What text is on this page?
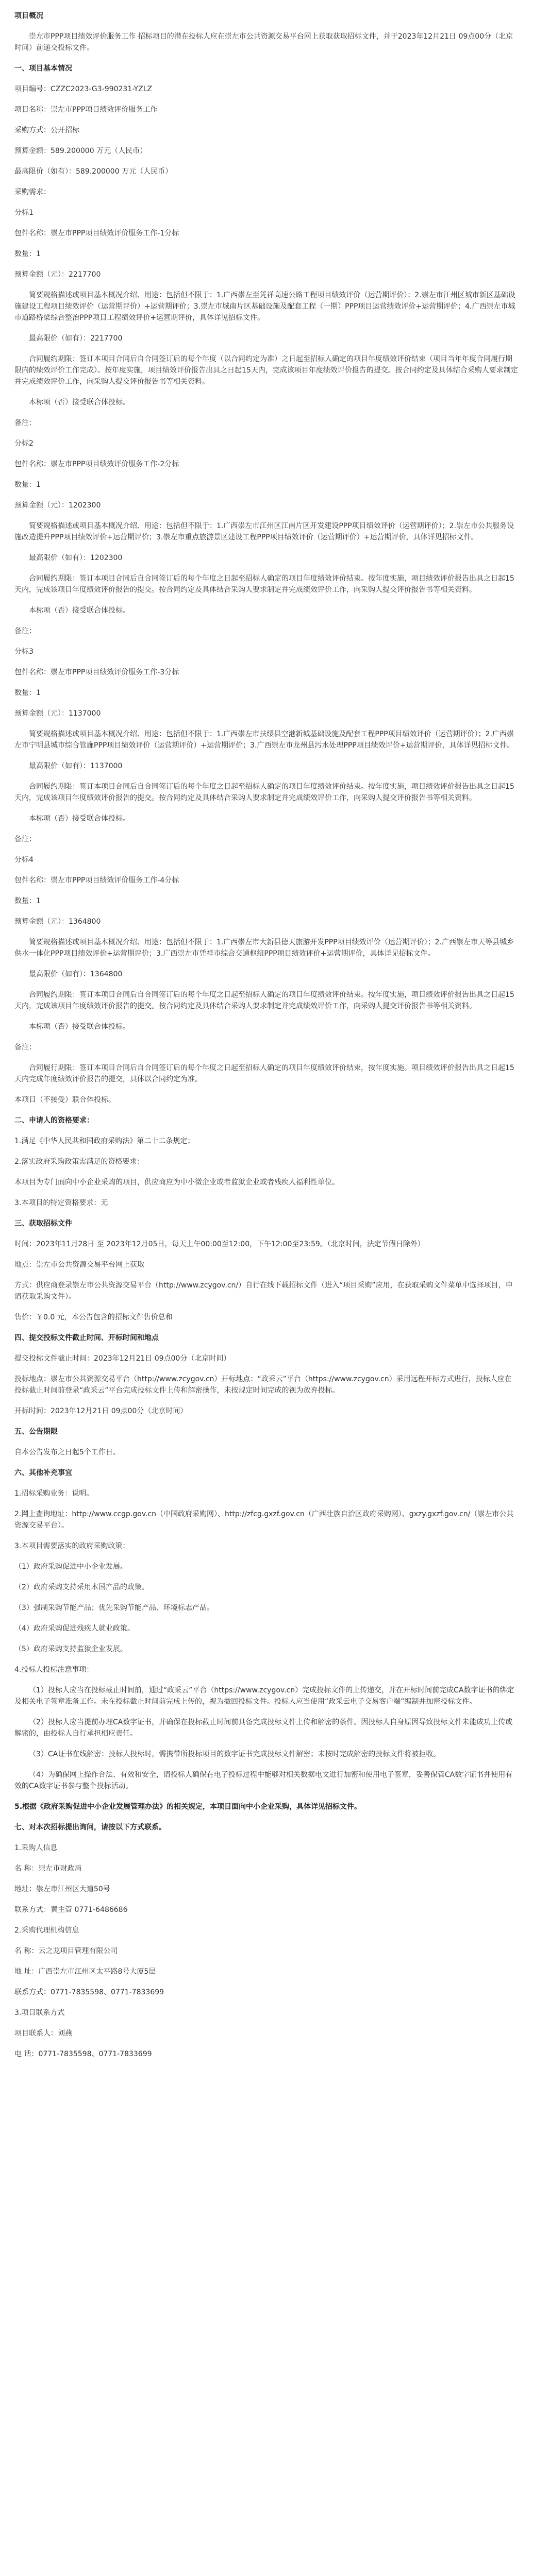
项目概况

崇左市PPP项目绩效评价服务工作 招标项目的潜在投标人应在崇左市公共资源交易平台网上获取获取招标文件，并于2023年12月21日 09点00分（北京时间）前递交投标文件。

一、项目基本情况

项目编号：CZZC2023-G3-990231-YZLZ

项目名称：崇左市PPP项目绩效评价服务工作

采购方式：公开招标

预算金额：589.200000 万元（人民币）

最高限价（如有）：589.200000 万元（人民币）

采购需求：

分标1

包件名称：崇左市PPP项目绩效评价服务工作-1分标

数量：1

预算金额（元）：2217700

简要规格描述或项目基本概况介绍、用途：包括但不限于：1.广西崇左至凭祥高速公路工程项目绩效评价（运营期评价）；2.崇左市江州区城市新区基础设施建设工程项目绩效评价（运营期评价）+运营期评价；3.崇左市城南片区基础设施及配套工程（一期）PPP项目运营绩效评价+运营期评价；4.广西崇左市城市道路桥梁综合整治PPP项目工程绩效评价+运营期评价，具体详见招标文件。

最高限价（如有）：2217700

合同履约期限：签订本项目合同后自合同签订后的每个年度（以合同约定为准）之日起至招标人确定的项目年度绩效评价结束（项目当年年度合同履行期限内的绩效评价工作完成）。按年度实施，项目绩效评价报告出具之日起15天内，完成该项目年度绩效评价报告的提交。按合同约定及具体结合采购人要求制定并完成绩效评价工作，向采购人提交评价报告书等相关资料。

本标项（否）接受联合体投标。

备注：

分标2

包件名称：崇左市PPP项目绩效评价服务工作-2分标

数量：1

预算金额（元）：1202300

简要规格描述或项目基本概况介绍、用途：包括但不限于：1.广西崇左市江州区江南片区开发建设PPP项目绩效评价（运营期评价）；2.崇左市公共服务设施改造提升PPP项目绩效评价+运营期评价；3.崇左市重点旅游景区建设工程PPP项目绩效评价（运营期评价）+运营期评价，具体详见招标文件。

最高限价（如有）：1202300

合同履约期限：签订本项目合同后自合同签订后的每个年度之日起至招标人确定的项目年度绩效评价结束。按年度实施，项目绩效评价报告出具之日起15天内，完成该项目年度绩效评价报告的提交。按合同约定及具体结合采购人要求制定并完成绩效评价工作，向采购人提交评价报告书等相关资料。

本标项（否）接受联合体投标。

备注：

分标3

包件名称：崇左市PPP项目绩效评价服务工作-3分标

数量：1

预算金额（元）：1137000

简要规格描述或项目基本概况介绍、用途：包括但不限于：1.广西崇左市扶绥县空港新城基础设施及配套工程PPP项目绩效评价（运营期评价）；2.广西崇左市宁明县城市综合管廊PPP项目绩效评价（运营期评价）+运营期评价；3.广西崇左市龙州县污水处理PPP项目绩效评价+运营期评价，具体详见招标文件。

最高限价（如有）：1137000

合同履约期限：签订本项目合同后自合同签订后的每个年度之日起至招标人确定的项目年度绩效评价结束。按年度实施，项目绩效评价报告出具之日起15天内，完成该项目年度绩效评价报告的提交。按合同约定及具体结合采购人要求制定并完成绩效评价工作，向采购人提交评价报告书等相关资料。

本标项（否）接受联合体投标。

备注：

分标4

包件名称：崇左市PPP项目绩效评价服务工作-4分标

数量：1

预算金额（元）：1364800

简要规格描述或项目基本概况介绍、用途：包括但不限于：1.广西崇左市大新县德天旅游开发PPP项目绩效评价（运营期评价）；2.广西崇左市天等县城乡供水一体化PPP项目绩效评价+运营期评价；3.广西崇左市凭祥市综合交通枢纽PPP项目绩效评价+运营期评价，具体详见招标文件。

最高限价（如有）：1364800

合同履约期限：签订本项目合同后自合同签订后的每个年度之日起至招标人确定的项目年度绩效评价结束。按年度实施，项目绩效评价报告出具之日起15天内，完成该项目年度绩效评价报告的提交。按合同约定及具体结合采购人要求制定并完成绩效评价工作，向采购人提交评价报告书等相关资料。

本标项（否）接受联合体投标。

备注：

合同履行期限：签订本项目合同后自合同签订后的每个年度之日起至招标人确定的项目年度绩效评价结束，按年度实施。项目绩效评价报告出具之日起15天内完成年度绩效评价报告的提交，具体以合同约定为准。

本项目（不接受）联合体投标。

二、申请人的资格要求：

1.满足《中华人民共和国政府采购法》第二十二条规定；

2.落实政府采购政策需满足的资格要求：

本项目为专门面向中小企业采购的项目，供应商应为中小微企业或者监狱企业或者残疾人福利性单位。

3.本项目的特定资格要求：无

三、获取招标文件

时间：2023年11月28日 至 2023年12月05日，每天上午00:00至12:00，下午12:00至23:59。（北京时间，法定节假日除外）

地点：崇左市公共资源交易平台网上获取

方式：供应商登录崇左市公共资源交易平台（http://www.zcygov.cn/）自行在线下载招标文件（进入“项目采购”应用，在获取采购文件菜单中选择项目，申请获取采购文件）。

售价：￥0.0 元，本公告包含的招标文件售价总和

四、提交投标文件截止时间、开标时间和地点

提交投标文件截止时间：2023年12月21日 09点00分（北京时间）

投标地点：崇左市公共资源交易平台（http://www.zcygov.cn）开标地点：“政采云”平台（https://www.zcygov.cn）采用远程开标方式进行，投标人应在投标截止时间前登录“政采云”平台完成投标文件上传和解密操作，未按规定时间完成的视为放弃投标。

开标时间：2023年12月21日 09点00分（北京时间）

五、公告期限

自本公告发布之日起5个工作日。

六、其他补充事宜

1.招标采购业务：说明。

2.网上查询地址：http://www.ccgp.gov.cn（中国政府采购网）、http://zfcg.gxzf.gov.cn（广西壮族自治区政府采购网）、gxzy.gxzf.gov.cn/（崇左市公共资源交易平台）。

3.本项目需要落实的政府采购政策：

（1）政府采购促进中小企业发展。

（2）政府采购支持采用本国产品的政策。

（3）强制采购节能产品；优先采购节能产品、环境标志产品。

（4）政府采购促进残疾人就业政策。

（5）政府采购支持监狱企业发展。

4.投标人投标注意事项：

（1）投标人应当在投标截止时间前，通过“政采云”平台（https://www.zcygov.cn）完成投标文件的上传递交，并在开标时间前完成CA数字证书的绑定及相关电子签章准备工作。未在投标截止时间前完成上传的，视为撤回投标文件。投标人应当使用“政采云电子交易客户端”编制并加密投标文件。

（2）投标人应当提前办理CA数字证书，并确保在投标截止时间前具备完成投标文件上传和解密的条件。因投标人自身原因导致投标文件未能成功上传或解密的，由投标人自行承担相应责任。

（3）CA证书在线解密：投标人投标时，需携带所投标项目的数字证书完成投标文件解密；未按时完成解密的投标文件将被拒收。

（4）为确保网上操作合法、有效和安全，请投标人确保在电子投标过程中能够对相关数据电文进行加密和使用电子签章，妥善保管CA数字证书并使用有效的CA数字证书参与整个投标活动。

5.根据《政府采购促进中小企业发展管理办法》的相关规定，本项目面向中小企业采购，具体详见招标文件。

七、对本次招标提出询问，请按以下方式联系。

1.采购人信息

名 称：崇左市财政局

地址：崇左市江州区大道50号

联系方式：黄主管 0771-6486686

2.采购代理机构信息

名 称：云之龙项目管理有限公司

地 址：广西崇左市江州区太平路8号大厦5层

联系方式：0771-7835598、0771-7833699

3.项目联系方式

项目联系人：刘燕

电 话：0771-7835598、0771-7833699
